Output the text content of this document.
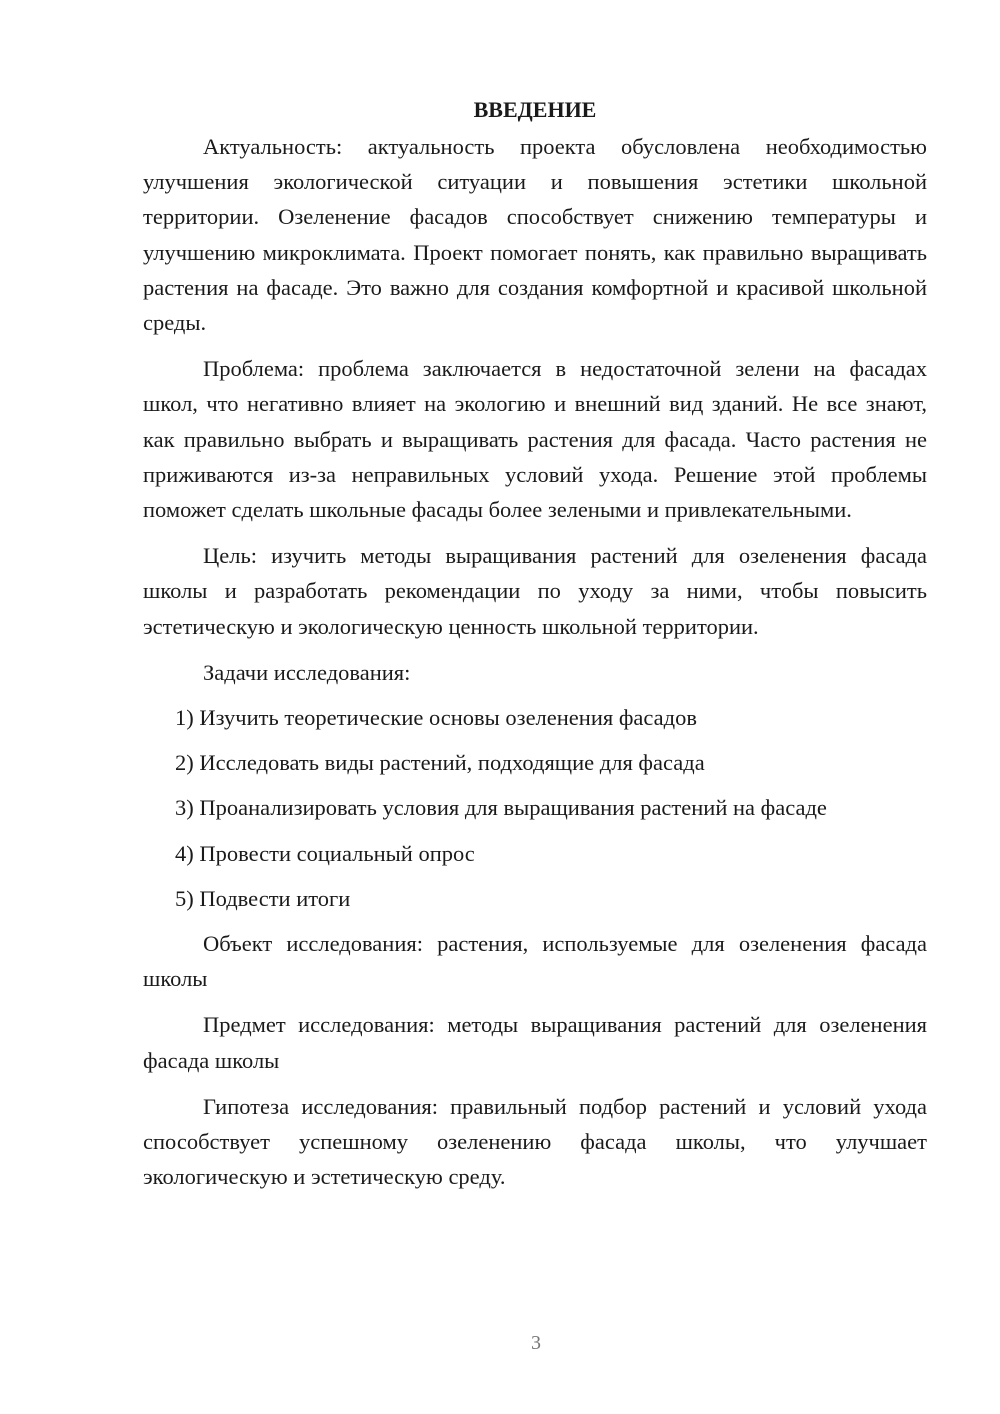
ВВЕДЕНИЕ

Актуальность: актуальность проекта обусловлена необходимостью улучшения экологической ситуации и повышения эстетики школьной территории. Озеленение фасадов способствует снижению температуры и улучшению микроклимата. Проект помогает понять, как правильно выращивать растения на фасаде. Это важно для создания комфортной и красивой школьной среды.

Проблема: проблема заключается в недостаточной зелени на фасадах школ, что негативно влияет на экологию и внешний вид зданий. Не все знают, как правильно выбрать и выращивать растения для фасада. Часто растения не приживаются из-за неправильных условий ухода. Решение этой проблемы поможет сделать школьные фасады более зелеными и привлекательными.

Цель: изучить методы выращивания растений для озеленения фасада школы и разработать рекомендации по уходу за ними, чтобы повысить эстетическую и экологическую ценность школьной территории.

Задачи исследования:

1) Изучить теоретические основы озеленения фасадов
2) Исследовать виды растений, подходящие для фасада
3) Проанализировать условия для выращивания растений на фасаде
4) Провести социальный опрос
5) Подвести итоги

Объект исследования: растения, используемые для озеленения фасада школы

Предмет исследования: методы выращивания растений для озеленения фасада школы

Гипотеза исследования: правильный подбор растений и условий ухода способствует успешному озеленению фасада школы, что улучшает экологическую и эстетическую среду.

3
